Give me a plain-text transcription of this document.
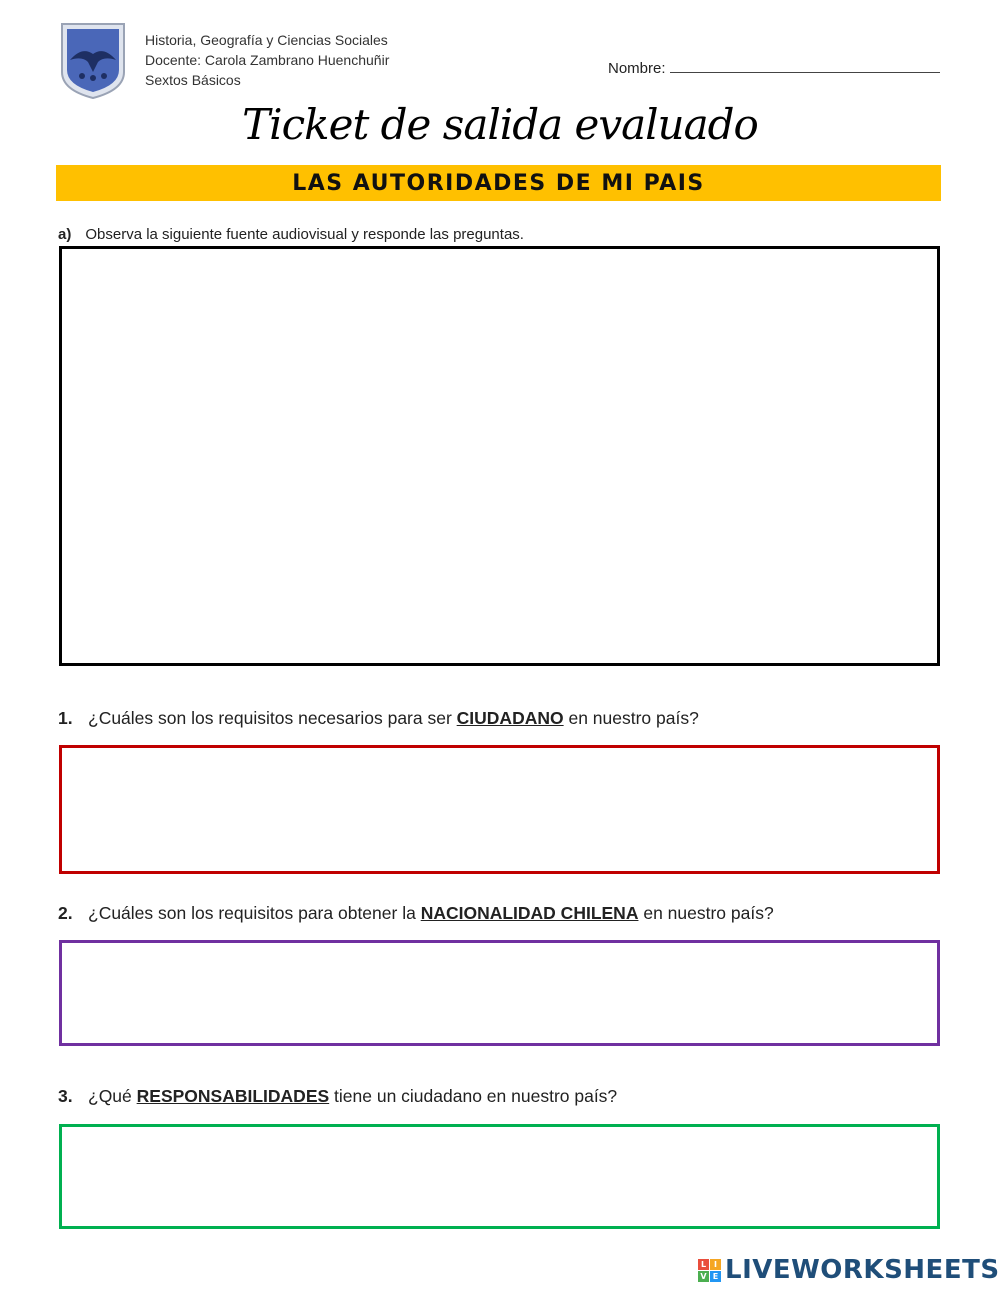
Historia, Geografía y Ciencias Sociales
Docente: Carola Zambrano Huenchuñir
Sextos Básicos
Nombre:
Ticket de salida evaluado
LAS AUTORIDADES DE MI PAIS
a) Observa la siguiente fuente audiovisual y responde las preguntas.
1. ¿Cuáles son los requisitos necesarios para ser CIUDADANO en nuestro país?
2. ¿Cuáles son los requisitos para obtener la NACIONALIDAD CHILENA en nuestro país?
3. ¿Qué RESPONSABILIDADES tiene un ciudadano en nuestro país?
L I
V E LIVEWORKSHEETS
